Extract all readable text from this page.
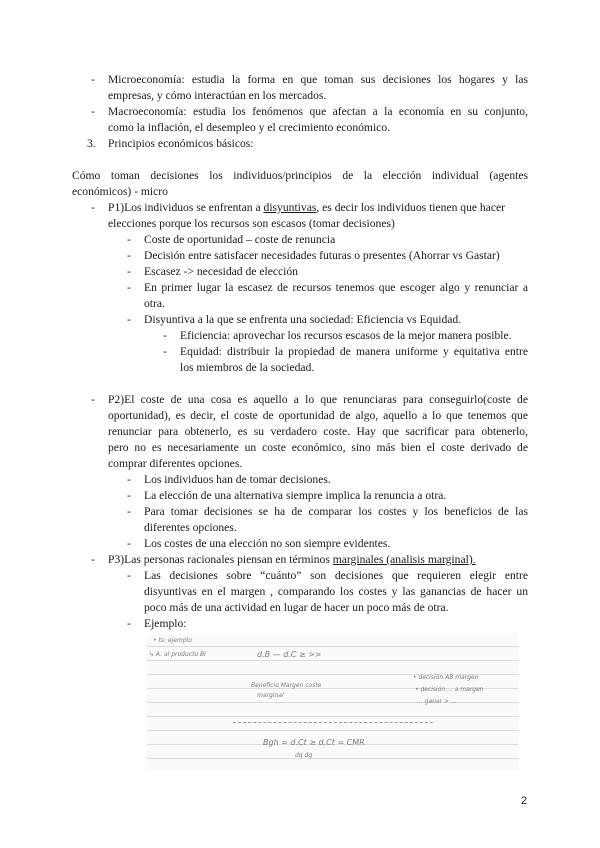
- Microeconomía: estudia la forma en que toman sus decisiones los hogares y las
empresas, y cómo interactúan en los mercados.
- Macroeconomía: estudia los fenómenos que afectan a la economía en su conjunto,
como la inflación, el desempleo y el crecimiento económico.
3. Principios económicos básicos:
Cómo toman decisiones los individuos/principios de la elección individual (agentes
económicos) - micro
- P1)Los individuos se enfrentan a disyuntivas, es decir los individuos tienen que hacer
elecciones porque los recursos son escasos (tomar decisiones)
- Coste de oportunidad – coste de renuncia
- Decisión entre satisfacer necesidades futuras o presentes (Ahorrar vs Gastar)
- Escasez -> necesidad de elección
- En primer lugar la escasez de recursos tenemos que escoger algo y renunciar a
otra.
- Disyuntiva a la que se enfrenta una sociedad: Eficiencia vs Equidad.
- Eficiencia: aprovechar los recursos escasos de la mejor manera posible.
- Equidad: distribuir la propiedad de manera uniforme y equitativa entre
los miembros de la sociedad.
- P2)El coste de una cosa es aquello a lo que renunciaras para conseguirlo(coste de
oportunidad), es decir, el coste de oportunidad de algo, aquello a lo que tenemos que
renunciar para obtenerlo, es su verdadero coste. Hay que sacrificar para obtenerlo,
pero no es necesariamente un coste económico, sino más bien el coste derivado de
comprar diferentes opciones.
- Los individuos han de tomar decisiones.
- La elección de una alternativa siempre implica la renuncia a otra.
- Para tomar decisiones se ha de comparar los costes y los beneficios de las
diferentes opciones.
- Los costes de una elección no son siempre evidentes.
- P3)Las personas racionales piensan en términos marginales (analisis marginal).
- Las decisiones sobre “cuánto” son decisiones que requieren elegir entre
disyuntivas en el margen , comparando los costes y las ganancias de hacer un
poco más de una actividad en lugar de hacer un poco más de otra.
- Ejemplo:
• ts: ejemplo
↳ A. al producto BI	d.B — d.C ≥ >>
Beneficio Margen coste
marginal
• decisión AB margen
• decisión ... a margen
... ganar > ...
Bgh = d.Ct ≥ d.Ct = CMR
dq dq
2
